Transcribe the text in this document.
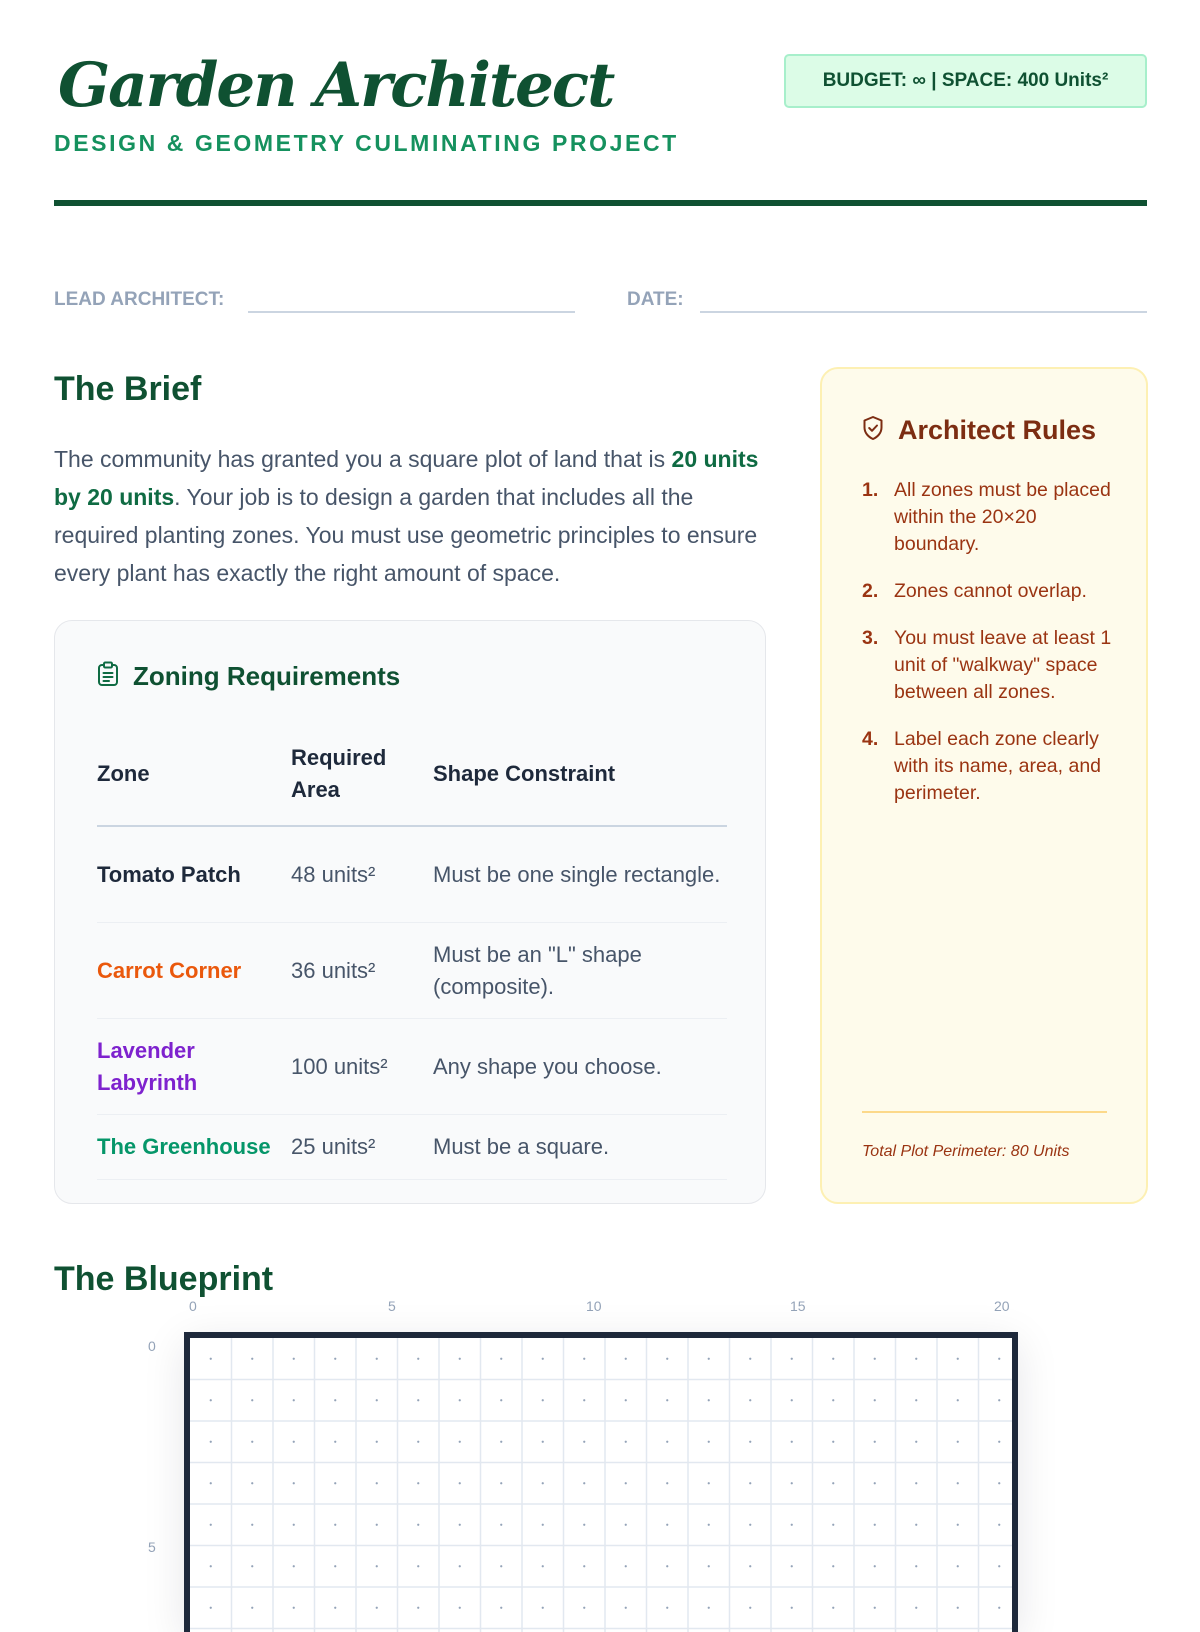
Garden Architect
DESIGN & GEOMETRY CULMINATING PROJECT
BUDGET: ∞ | SPACE: 400 Units²
LEAD ARCHITECT:	DATE:
The Brief

The community has granted you a square plot of land that is 20 units by 20 units. Your job is to design a garden that includes all the required planting zones. You must use geometric principles to ensure every plant has exactly the right amount of space.

Zoning Requirements
Zone	Required Area	Shape Constraint
Tomato Patch	48 units²	Must be one single rectangle.
Carrot Corner	36 units²	Must be an "L" shape (composite).
Lavender Labyrinth	100 units²	Any shape you choose.
The Greenhouse	25 units²	Must be a square.
Architect Rules
1. All zones must be placed within the 20×20 boundary.
2. Zones cannot overlap.
3. You must leave at least 1 unit of "walkway" space between all zones.
4. Label each zone clearly with its name, area, and perimeter.
Total Plot Perimeter: 80 Units
The Blueprint
0	5	10	15	20
0
5
